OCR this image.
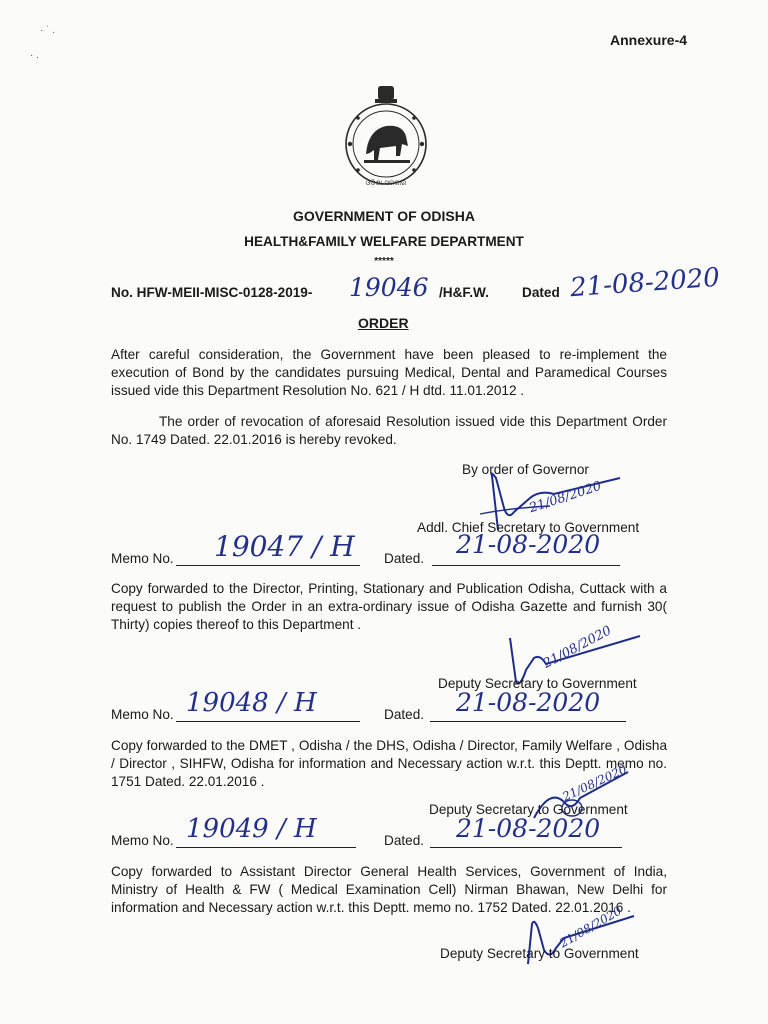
· ˙ .
· .
Annexure-4
ଓଡ଼ିଶା ସରକାର
GOVERNMENT OF ODISHA
HEALTH&FAMILY WELFARE DEPARTMENT
*****
No. HFW-MEII-MISC-0128-2019- 19046 /H&F.W. Dated 21-08-2020
ORDER
After careful consideration, the Government have been pleased to re-implement the execution of Bond by the candidates pursuing Medical, Dental and Paramedical Courses issued vide this Department Resolution No. 621 / H dtd. 11.01.2012 .
The order of revocation of aforesaid Resolution issued vide this Department Order No. 1749 Dated. 22.01.2016 is hereby revoked.
By order of Governor
21/08/2020
Addl. Chief Secretary to Government
Memo No. 19047 / H Dated. 21-08-2020
Copy forwarded to the Director, Printing, Stationary and Publication Odisha, Cuttack with a request to publish the Order in an extra-ordinary issue of Odisha Gazette and furnish 30( Thirty) copies thereof to this Department .	21/08/2020
Deputy Secretary to Government
Memo No. 19048 / H	Dated. 21-08-2020
Copy forwarded to the DMET , Odisha / the DHS, Odisha / Director, Family Welfare , Odisha / Director , SIHFW, Odisha for information and Necessary action w.r.t. this Deptt. memo no. 1751 Dated. 22.01.2016 .	21/08/2020
Deputy Secretary to Government
Memo No. 19049 / H	Dated. 21-08-2020
Copy forwarded to Assistant Director General Health Services, Government of India, Ministry of Health & FW ( Medical Examination Cell) Nirman Bhawan, New Delhi for information and Necessary action w.r.t. this Deptt. memo no. 1752 Dated. 22.01.2016 .
21/08/2020
Deputy Secretary to Government
